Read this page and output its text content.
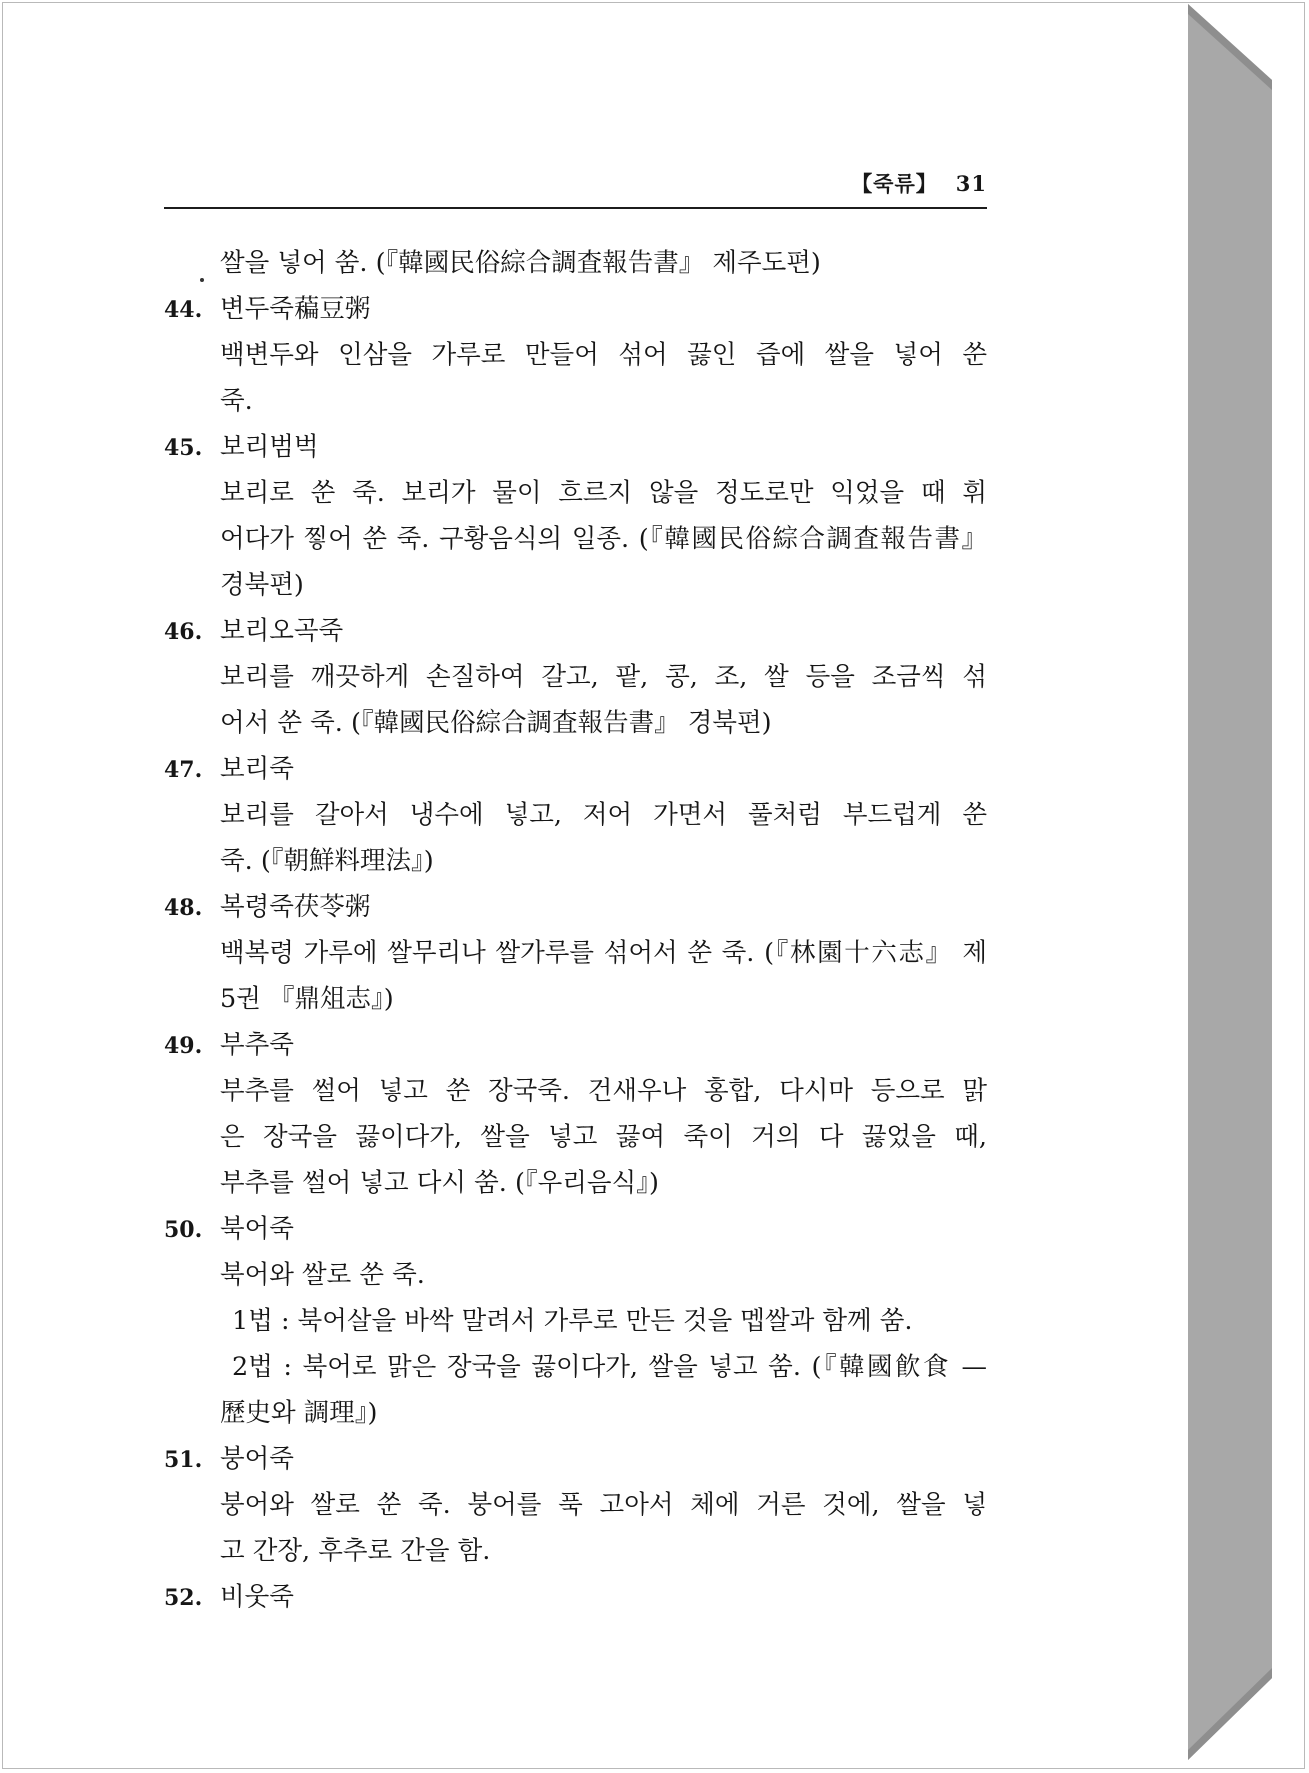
【죽류】 31
쌀을 넣어 쑴. (『韓國民俗綜合調査報告書』 제주도편)
44. 변두죽藊豆粥
백변두와 인삼을 가루로 만들어 섞어 끓인 즙에 쌀을 넣어 쑨
죽.
45. 보리범벅
보리로 쑨 죽. 보리가 물이 흐르지 않을 정도로만 익었을 때 휘
어다가 찧어 쑨 죽. 구황음식의 일종. (『韓國民俗綜合調査報告書』
경북편)
46. 보리오곡죽
보리를 깨끗하게 손질하여 갈고, 팥, 콩, 조, 쌀 등을 조금씩 섞
어서 쑨 죽. (『韓國民俗綜合調査報告書』 경북편)
47. 보리죽
보리를 갈아서 냉수에 넣고, 저어 가면서 풀처럼 부드럽게 쑨
죽. (『朝鮮料理法』)
48. 복령죽茯苓粥
백복령 가루에 쌀무리나 쌀가루를 섞어서 쑨 죽. (『林園十六志』 제
5권 『鼎俎志』)
49. 부추죽
부추를 썰어 넣고 쑨 장국죽. 건새우나 홍합, 다시마 등으로 맑
은 장국을 끓이다가, 쌀을 넣고 끓여 죽이 거의 다 끓었을 때,
부추를 썰어 넣고 다시 쑴. (『우리음식』)
50. 북어죽
북어와 쌀로 쑨 죽.
1법 : 북어살을 바싹 말려서 가루로 만든 것을 멥쌀과 함께 쑴.
2법 : 북어로 맑은 장국을 끓이다가, 쌀을 넣고 쑴. (『韓國飮食 —
歷史와 調理』)
51. 붕어죽
붕어와 쌀로 쑨 죽. 붕어를 푹 고아서 체에 거른 것에, 쌀을 넣
고 간장, 후추로 간을 함.
52. 비웃죽
